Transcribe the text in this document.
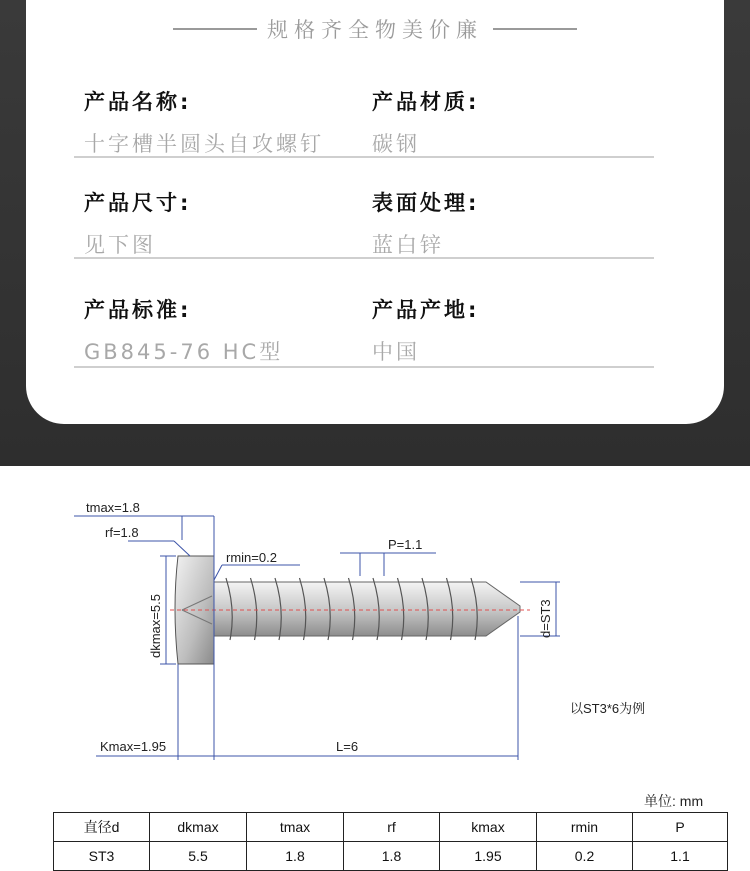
规格齐全物美价廉
产品名称:
十字槽半圆头自攻螺钉
产品材质:
碳钢
产品尺寸:
见下图
表面处理:
蓝白锌
产品标准:
GB845-76 HC型
产品产地:
中国
tmax=1.8
rf=1.8
rmin=0.2
P=1.1
dkmax=5.5	d=ST3
Kmax=1.95	L=6
以ST3*6为例
单位: mm
直径d	dkmax	tmax	rf	kmax	rmin	P
ST3	5.5	1.8	1.8	1.95	0.2	1.1
